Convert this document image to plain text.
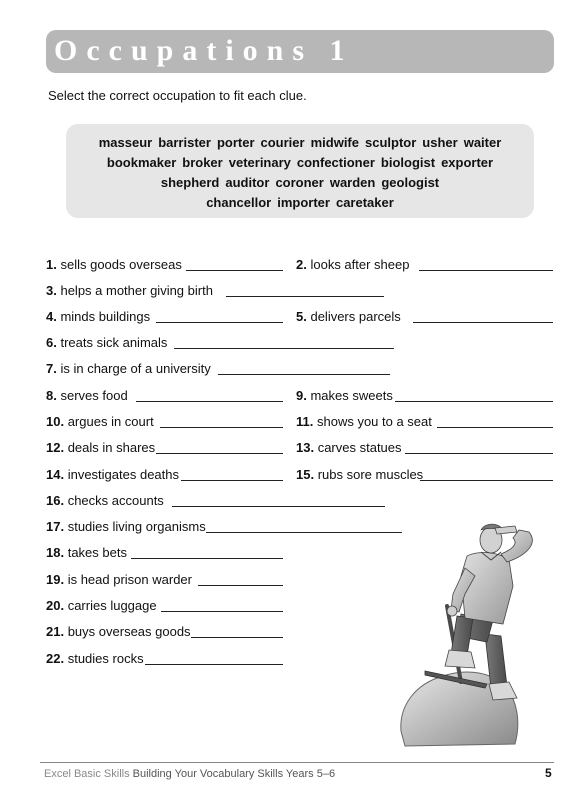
Occupations 1
Select the correct occupation to fit each clue.
masseur barrister porter courier midwife sculptor usher waiter
bookmaker broker veterinary confectioner biologist exporter
shepherd auditor coroner warden geologist
chancellor importer caretaker
1. sells goods overseas
3. helps a mother giving birth
4. minds buildings
6. treats sick animals
7. is in charge of a university
8. serves food
10. argues in court
12. deals in shares
14. investigates deaths
16. checks accounts
17. studies living organisms
18. takes bets
19. is head prison warder
20. carries luggage
21. buys overseas goods
22. studies rocks
2. looks after sheep
5. delivers parcels
9. makes sweets
11. shows you to a seat
13. carves statues
15. rubs sore muscles
Excel Basic Skills Building Your Vocabulary Skills Years 5–6	5
